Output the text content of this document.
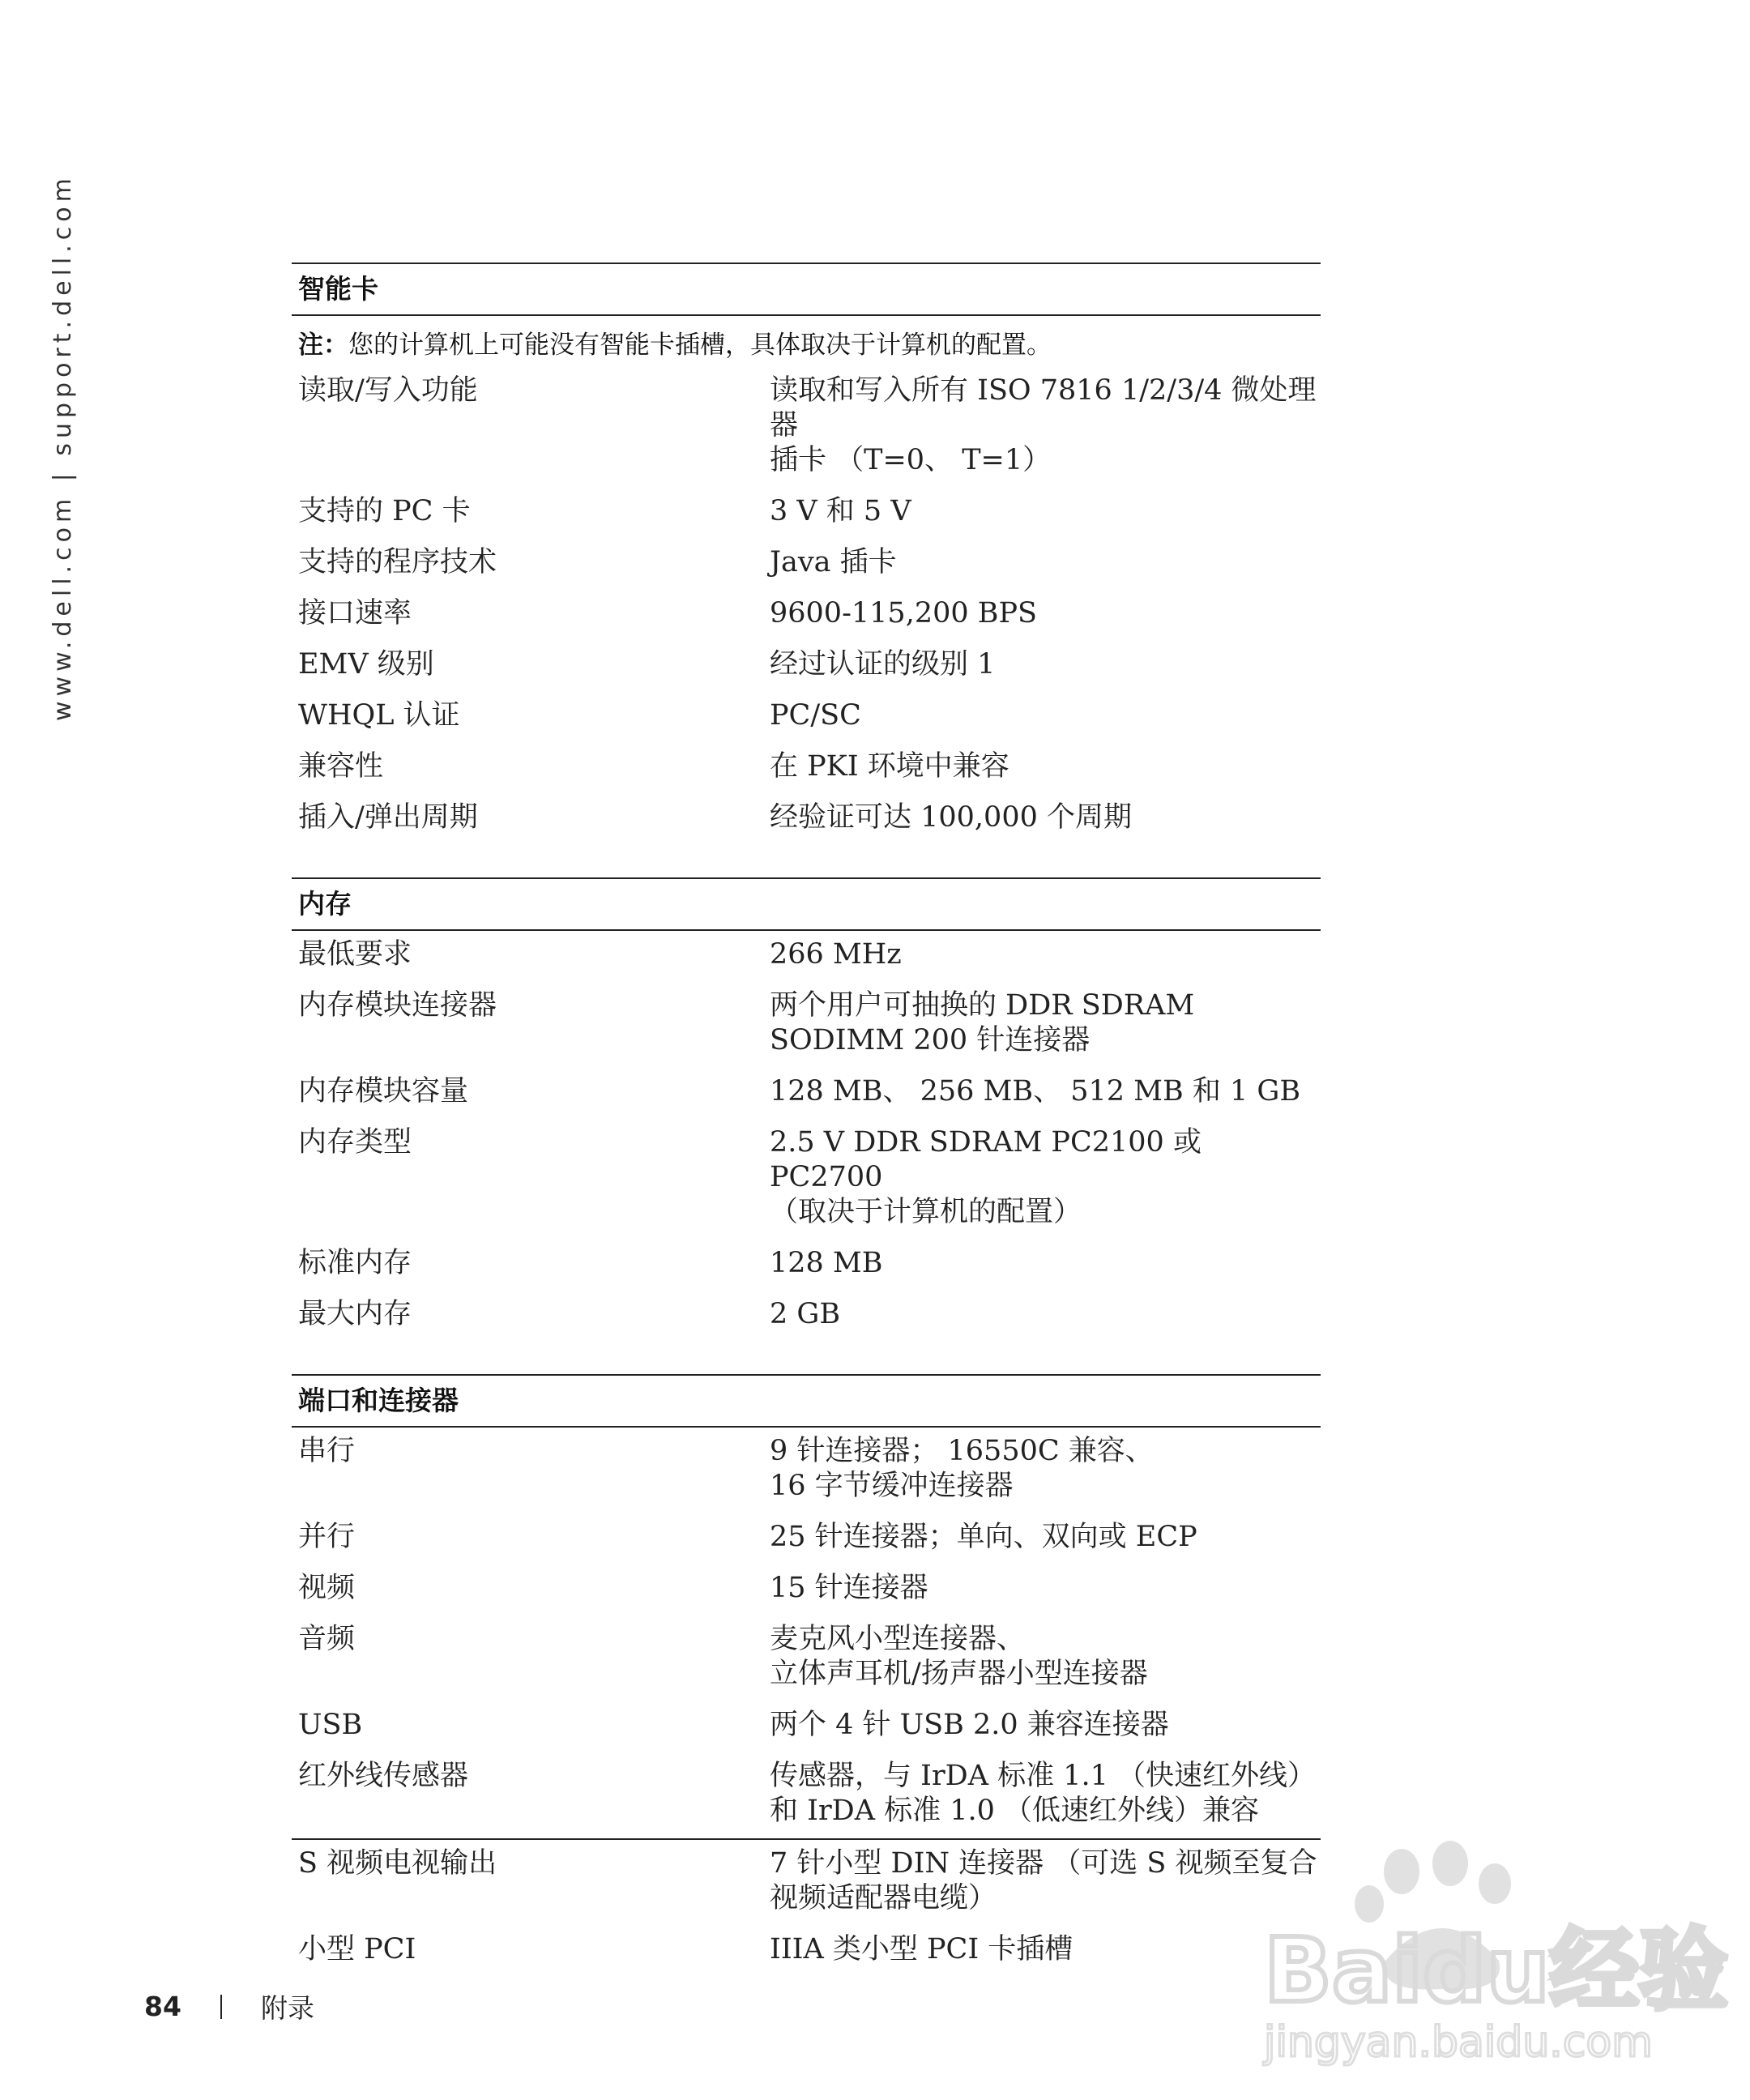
www.dell.com | support.dell.com	智能卡
注：您的计算机上可能没有智能卡插槽，具体取决于计算机的配置。
读取/写入功能	读取和写入所有 ISO 7816 1/2/3/4 微处理器
插卡 （T=0、 T=1）
支持的 PC 卡	3 V 和 5 V
支持的程序技术	Java 插卡
接口速率	9600-115,200 BPS
EMV 级别	经过认证的级别 1
WHQL 认证	PC/SC
兼容性	在 PKI 环境中兼容
插入/弹出周期	经验证可达 100,000 个周期
内存
最低要求	266 MHz
内存模块连接器	两个用户可抽换的 DDR SDRAM
SODIMM 200 针连接器
内存模块容量	128 MB、 256 MB、 512 MB 和 1 GB
内存类型	2.5 V DDR SDRAM PC2100 或 PC2700
（取决于计算机的配置）
标准内存	128 MB
最大内存	2 GB
端口和连接器
串行	9 针连接器； 16550C 兼容、
16 字节缓冲连接器
并行	25 针连接器；单向、双向或 ECP
视频	15 针连接器
音频	麦克风小型连接器、
立体声耳机/扬声器小型连接器
USB	两个 4 针 USB 2.0 兼容连接器
红外线传感器	传感器，与 IrDA 标准 1.1 （快速红外线）
和 IrDA 标准 1.0 （低速红外线）兼容
S 视频电视输出	7 针小型 DIN 连接器 （可选 S 视频至复合
视频适配器电缆）
小型 PCI	IIIA 类小型 PCI 卡插槽
84	附录	Baidu经验
jingyan.baidu.com
